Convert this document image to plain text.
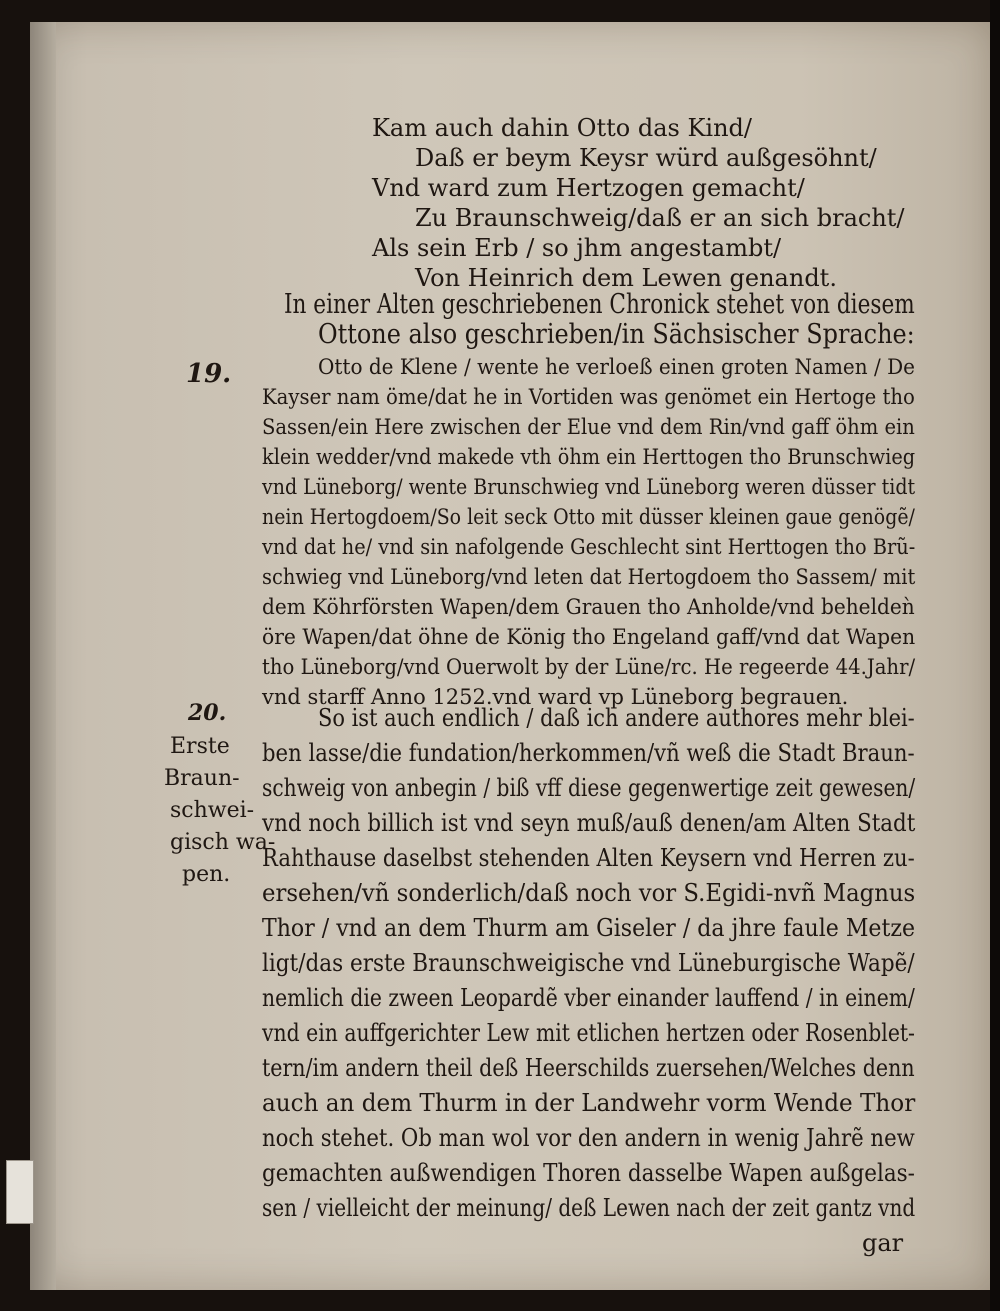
Kam auch dahin Otto das Kind/
Daß er beym Keysr würd außgesöhnt/
Vnd ward zum Hertzogen gemacht/
Zu Braunschweig/daß er an sich bracht/
Als sein Erb / so jhm angestambt/
Von Heinrich dem Lewen genandt.
In einer Alten geschriebenen Chronick stehet von diesem
Ottone also geschrieben/in Sächsischer Sprache:
19.	Otto de Klene / wente he verloeß einen groten Namen / De
Kayser nam öme/dat he in Vortiden was genömet ein Hertoge tho
Sassen/ein Here zwischen der Elue vnd dem Rin/vnd gaff öhm ein
klein wedder/vnd makede vth öhm ein Herttogen tho Brunschwieg
vnd Lüneborg/ wente Brunschwieg vnd Lüneborg weren düsser tidt
nein Hertogdoem/So leit seck Otto mit düsser kleinen gaue genögẽ/
vnd dat he/ vnd sin nafolgende Geschlecht sint Herttogen tho Brũ-
schwieg vnd Lüneborg/vnd leten dat Hertogdoem tho Sassem/ mit
dem Köhrförsten Wapen/dem Grauen tho Anholde/vnd beheldeǹ
öre Wapen/dat öhne de König tho Engeland gaff/vnd dat Wapen
tho Lüneborg/vnd Ouerwolt by der Lüne/rc. He regeerde 44.Jahr/
vnd starff Anno 1252.vnd ward vp Lüneborg begrauen.
20.
Erste
Braun-
schwei-
gisch wa-
pen.
So ist auch endlich / daß ich andere authores mehr blei-
ben lasse/die fundation/herkommen/vñ weß die Stadt Braun-
schweig von anbegin / biß vff diese gegenwertige zeit gewesen/
vnd noch billich ist vnd seyn muß/auß denen/am Alten Stadt
Rahthause daselbst stehenden Alten Keysern vnd Herren zu-
ersehen/vñ sonderlich/daß noch vor S.Egidi-nvñ Magnus
Thor / vnd an dem Thurm am Giseler / da jhre faule Metze
ligt/das erste Braunschweigische vnd Lüneburgische Wapẽ/
nemlich die zween Leopardẽ vber einander lauffend / in einem/
vnd ein auffgerichter Lew mit etlichen hertzen oder Rosenblet-
tern/im andern theil deß Heerschilds zuersehen/Welches denn
auch an dem Thurm in der Landwehr vorm Wende Thor
noch stehet. Ob man wol vor den andern in wenig Jahrẽ new
gemachten außwendigen Thoren dasselbe Wapen außgelas-
sen / vielleicht der meinung/ deß Lewen nach der zeit gantz vnd
gar
